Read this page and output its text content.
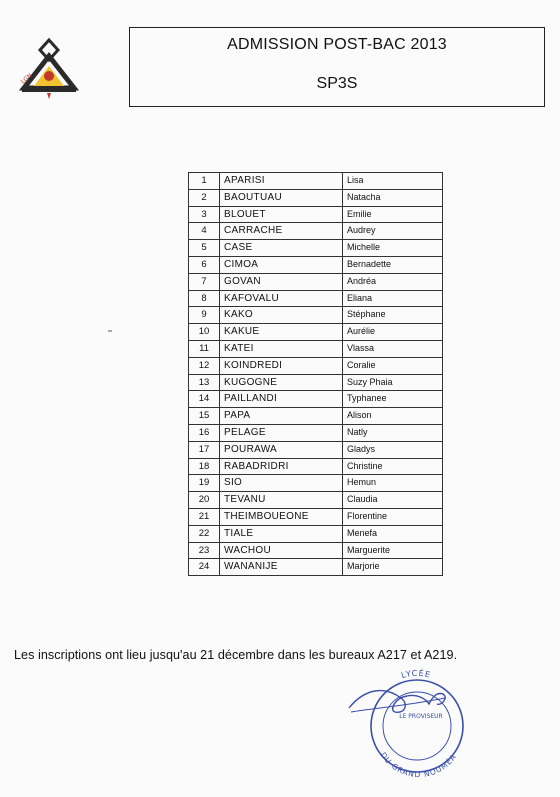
LGN
ADMISSION POST-BAC 2013
SP3S
1	APARISI	Lisa
2	BAOUTUAU	Natacha
3	BLOUET	Emilie
4	CARRACHE	Audrey
5	CASE	Michelle
6	CIMOA	Bernadette
7	GOVAN	Andréa
8	KAFOVALU	Eliana
9	KAKO	Stéphane
10	KAKUE	Aurélie
11	KATEI	Vlassa
12	KOINDREDI	Coralie
13	KUGOGNE	Suzy Phaia
14	PAILLANDI	Typhanee
15	PAPA	Alison
16	PELAGE	Natly
17	POURAWA	Gladys
18	RABADRIDRI	Christine
19	SIO	Hemun
20	TEVANU	Claudia
21	THEIMBOUEONE	Florentine
22	TIALE	Menefa
23	WACHOU	Marguerite
24	WANANIJE	Marjorie
Les inscriptions ont lieu jusqu'au 21 décembre dans les bureaux A217 et A219.
LYCÉE
DU GRAND NOUMÉA
LE PROVISEUR
